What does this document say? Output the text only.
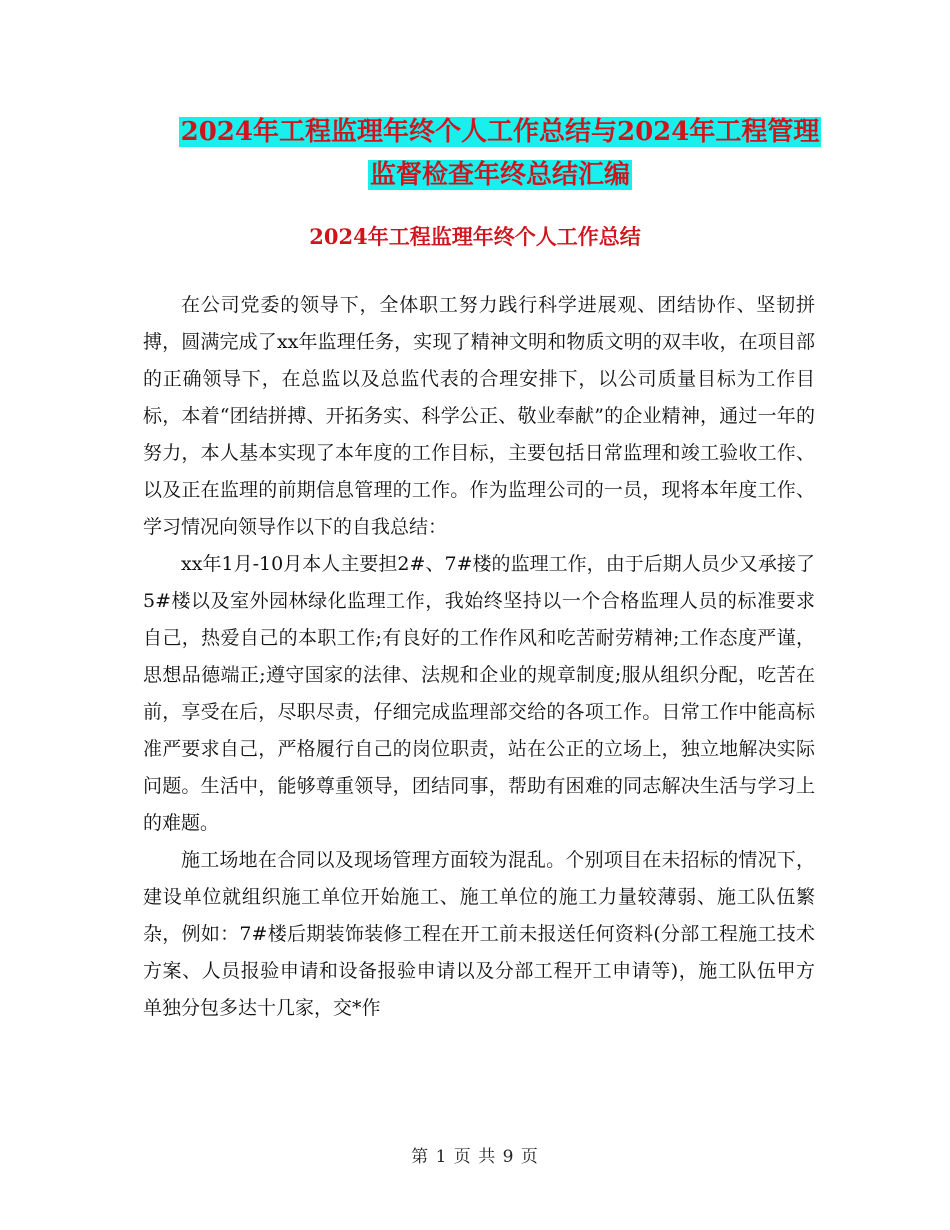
2024年工程监理年终个人工作总结与2024年工程管理
监督检查年终总结汇编
2024年工程监理年终个人工作总结

在公司党委的领导下，全体职工努力践行科学进展观、团结协作、坚韧拼搏，圆满完成了xx年监理任务，实现了精神文明和物质文明的双丰收，在项目部的正确领导下，在总监以及总监代表的合理安排下，以公司质量目标为工作目标，本着“团结拼搏、开拓务实、科学公正、敬业奉献”的企业精神，通过一年的努力，本人基本实现了本年度的工作目标，主要包括日常监理和竣工验收工作、以及正在监理的前期信息管理的工作。作为监理公司的一员，现将本年度工作、学习情况向领导作以下的自我总结：

xx年1月-10月本人主要担2#、7#楼的监理工作，由于后期人员少又承接了5#楼以及室外园林绿化监理工作，我始终坚持以一个合格监理人员的标准要求自己，热爱自己的本职工作;有良好的工作作风和吃苦耐劳精神;工作态度严谨，思想品德端正;遵守国家的法律、法规和企业的规章制度;服从组织分配，吃苦在前，享受在后，尽职尽责，仔细完成监理部交给的各项工作。日常工作中能高标准严要求自己，严格履行自己的岗位职责，站在公正的立场上，独立地解决实际问题。生活中，能够尊重领导，团结同事，帮助有困难的同志解决生活与学习上的难题。

施工场地在合同以及现场管理方面较为混乱。个别项目在未招标的情况下，建设单位就组织施工单位开始施工、施工单位的施工力量较薄弱、施工队伍繁杂，例如：7#楼后期装饰装修工程在开工前未报送任何资料(分部工程施工技术方案、人员报验申请和设备报验申请以及分部工程开工申请等)，施工队伍甲方单独分包多达十几家，交*作

第 1 页 共 9 页
